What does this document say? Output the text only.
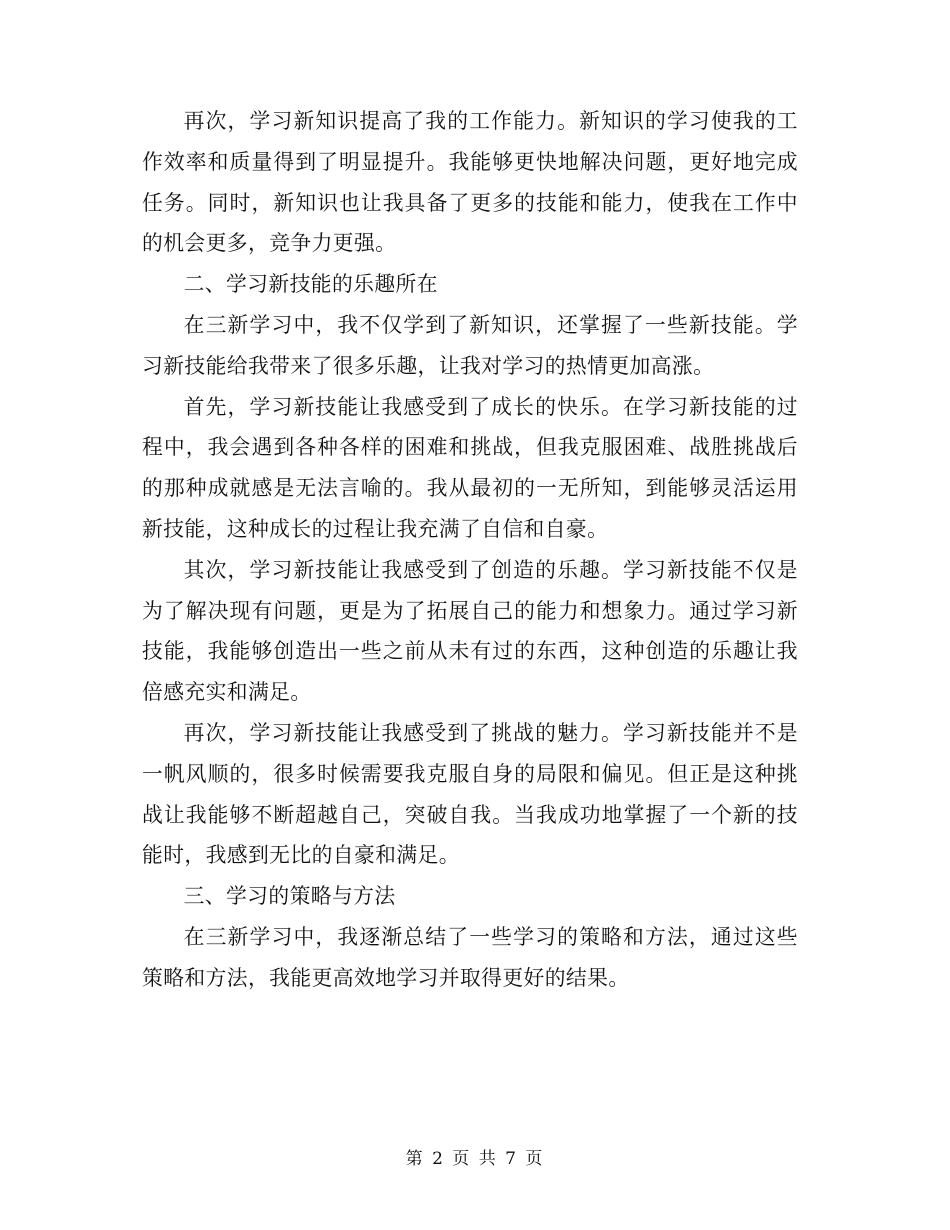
再次，学习新知识提高了我的工作能力。新知识的学习使我的工作效率和质量得到了明显提升。我能够更快地解决问题，更好地完成任务。同时，新知识也让我具备了更多的技能和能力，使我在工作中的机会更多，竞争力更强。

二、学习新技能的乐趣所在

在三新学习中，我不仅学到了新知识，还掌握了一些新技能。学习新技能给我带来了很多乐趣，让我对学习的热情更加高涨。

首先，学习新技能让我感受到了成长的快乐。在学习新技能的过程中，我会遇到各种各样的困难和挑战，但我克服困难、战胜挑战后的那种成就感是无法言喻的。我从最初的一无所知，到能够灵活运用新技能，这种成长的过程让我充满了自信和自豪。

其次，学习新技能让我感受到了创造的乐趣。学习新技能不仅是为了解决现有问题，更是为了拓展自己的能力和想象力。通过学习新技能，我能够创造出一些之前从未有过的东西，这种创造的乐趣让我倍感充实和满足。

再次，学习新技能让我感受到了挑战的魅力。学习新技能并不是一帆风顺的，很多时候需要我克服自身的局限和偏见。但正是这种挑战让我能够不断超越自己，突破自我。当我成功地掌握了一个新的技能时，我感到无比的自豪和满足。

三、学习的策略与方法

在三新学习中，我逐渐总结了一些学习的策略和方法，通过这些策略和方法，我能更高效地学习并取得更好的结果。

第 2 页 共 7 页
